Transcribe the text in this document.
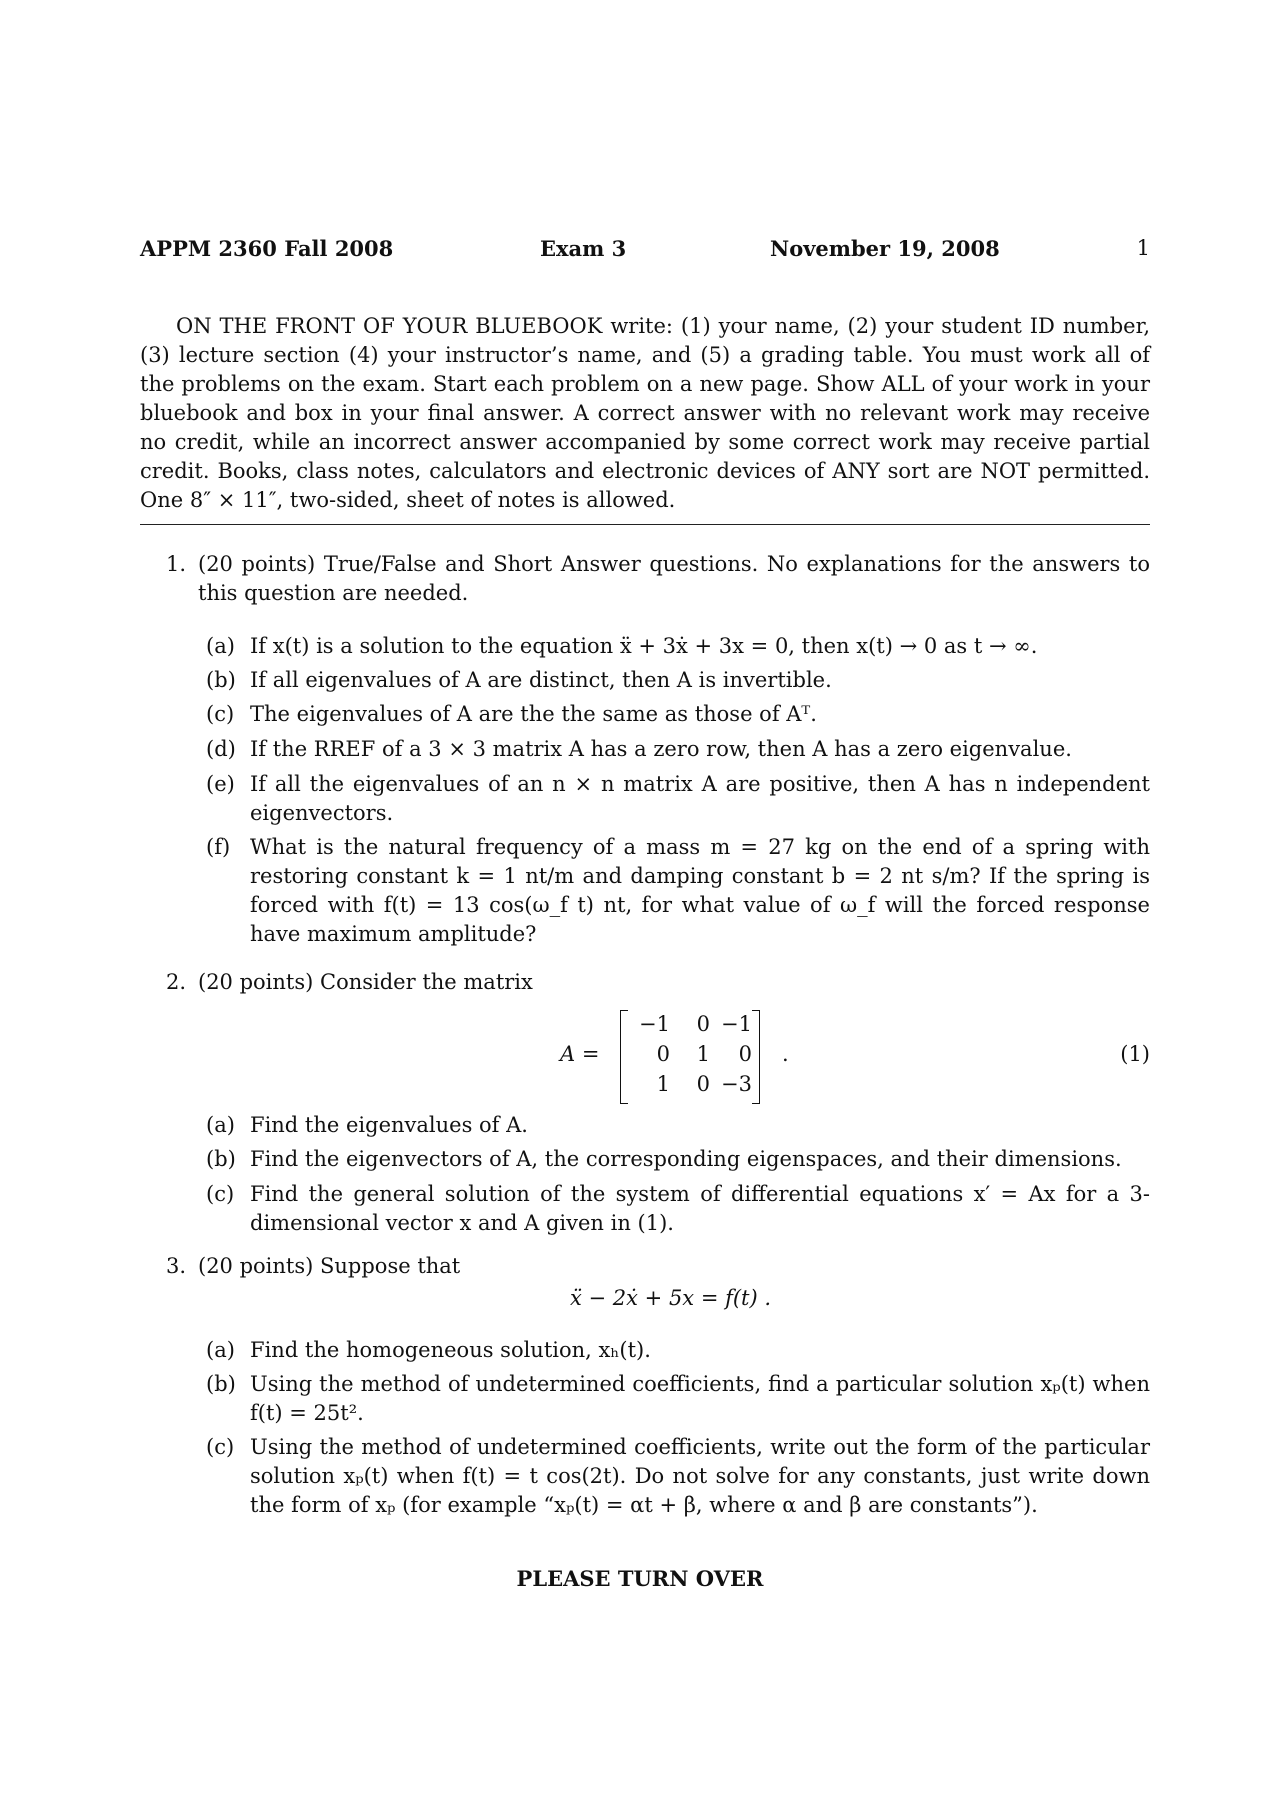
APPM 2360 Fall 2008	Exam 3	November 19, 2008	1

ON THE FRONT OF YOUR BLUEBOOK write: (1) your name, (2) your student ID number, (3) lecture section (4) your instructor’s name, and (5) a grading table. You must work all of the problems on the exam. Start each problem on a new page. Show ALL of your work in your bluebook and box in your final answer. A correct answer with no relevant work may receive no credit, while an incorrect answer accompanied by some correct work may receive partial credit. Books, class notes, calculators and electronic devices of ANY sort are NOT permitted. One 8″ × 11″, two-sided, sheet of notes is allowed.

1. (20 points) True/False and Short Answer questions. No explanations for the answers to this question are needed.
(a) If x(t) is a solution to the equation ẍ + 3ẋ + 3x = 0, then x(t) → 0 as t → ∞.
(b) If all eigenvalues of A are distinct, then A is invertible.
(c) The eigenvalues of A are the the same as those of Aᵀ.
(d) If the RREF of a 3 × 3 matrix A has a zero row, then A has a zero eigenvalue.
(e) If all the eigenvalues of an n × n matrix A are positive, then A has n independent eigenvectors.
(f) What is the natural frequency of a mass m = 27 kg on the end of a spring with restoring constant k = 1 nt/m and damping constant b = 2 nt s/m? If the spring is forced with f(t) = 13 cos(ω_f t) nt, for what value of ω_f will the forced response have maximum amplitude?
2. (20 points) Consider the matrix
A =
−1	0 −1
0	1	0
1	0 −3
.	(1)
(a) Find the eigenvalues of A.
(b) Find the eigenvectors of A, the corresponding eigenspaces, and their dimensions.
(c) Find the general solution of the system of differential equations x′ = Ax for a 3-dimensional vector x and A given in (1).
3. (20 points) Suppose that
ẍ − 2ẋ + 5x = f(t) .
(a) Find the homogeneous solution, xₕ(t).
(b) Using the method of undetermined coefficients, find a particular solution xₚ(t) when f(t) = 25t².
(c) Using the method of undetermined coefficients, write out the form of the particular solution xₚ(t) when f(t) = t cos(2t). Do not solve for any constants, just write down the form of xₚ (for example “xₚ(t) = αt + β, where α and β are constants”).
PLEASE TURN OVER
